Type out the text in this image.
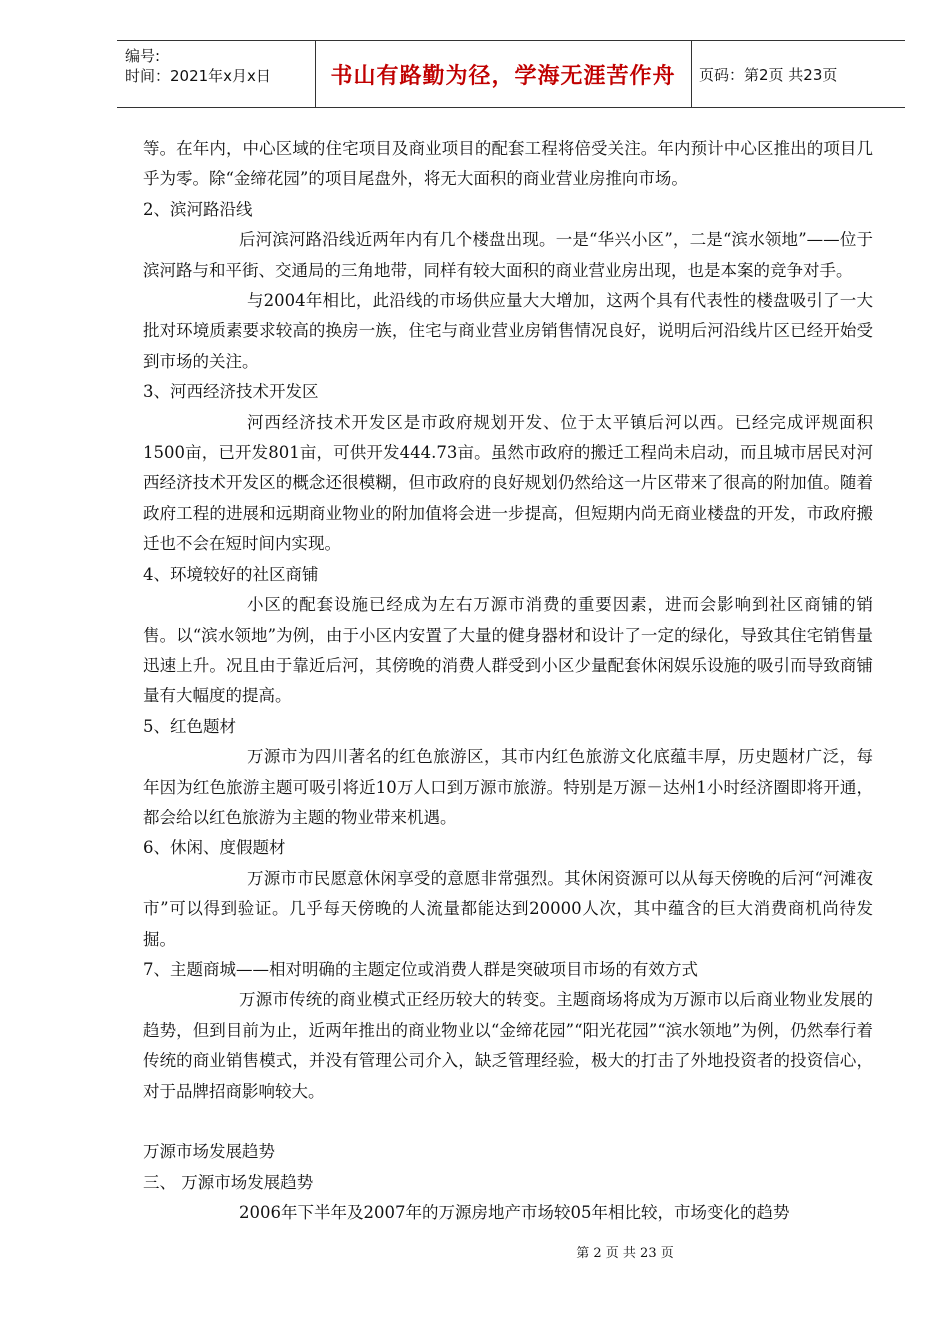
编号:
时间：2021年x月x日	书山有路勤为径，学海无涯苦作舟	页码：第2页 共23页

等。在年内，中心区域的住宅项目及商业项目的配套工程将倍受关注。年内预计中心区推出的项目几乎为零。除“金缔花园”的项目尾盘外，将无大面积的商业营业房推向市场。

2、滨河路沿线

后河滨河路沿线近两年内有几个楼盘出现。一是“华兴小区”，二是“滨水领地”——位于滨河路与和平街、交通局的三角地带，同样有较大面积的商业营业房出现，也是本案的竞争对手。

与2004年相比，此沿线的市场供应量大大增加，这两个具有代表性的楼盘吸引了一大批对环境质素要求较高的换房一族，住宅与商业营业房销售情况良好，说明后河沿线片区已经开始受到市场的关注。

3、河西经济技术开发区

河西经济技术开发区是市政府规划开发、位于太平镇后河以西。已经完成评规面积1500亩，已开发801亩，可供开发444.73亩。虽然市政府的搬迁工程尚未启动，而且城市居民对河西经济技术开发区的概念还很模糊，但市政府的良好规划仍然给这一片区带来了很高的附加值。随着政府工程的进展和远期商业物业的附加值将会进一步提高，但短期内尚无商业楼盘的开发，市政府搬迁也不会在短时间内实现。

4、环境较好的社区商铺

小区的配套设施已经成为左右万源市消费的重要因素，进而会影响到社区商铺的销售。以“滨水领地”为例，由于小区内安置了大量的健身器材和设计了一定的绿化，导致其住宅销售量迅速上升。况且由于靠近后河，其傍晚的消费人群受到小区少量配套休闲娱乐设施的吸引而导致商铺量有大幅度的提高。

5、红色题材

万源市为四川著名的红色旅游区，其市内红色旅游文化底蕴丰厚，历史题材广泛，每年因为红色旅游主题可吸引将近10万人口到万源市旅游。特别是万源－达州1小时经济圈即将开通，都会给以红色旅游为主题的物业带来机遇。

6、休闲、度假题材

万源市市民愿意休闲享受的意愿非常强烈。其休闲资源可以从每天傍晚的后河“河滩夜市”可以得到验证。几乎每天傍晚的人流量都能达到20000人次，其中蕴含的巨大消费商机尚待发掘。

7、主题商城——相对明确的主题定位或消费人群是突破项目市场的有效方式

万源市传统的商业模式正经历较大的转变。主题商场将成为万源市以后商业物业发展的趋势，但到目前为止，近两年推出的商业物业以“金缔花园”“阳光花园”“滨水领地”为例，仍然奉行着传统的商业销售模式，并没有管理公司介入，缺乏管理经验，极大的打击了外地投资者的投资信心，对于品牌招商影响较大。

万源市场发展趋势

三、 万源市场发展趋势

2006年下半年及2007年的万源房地产市场较05年相比较，市场变化的趋势

第 2 页 共 23 页
